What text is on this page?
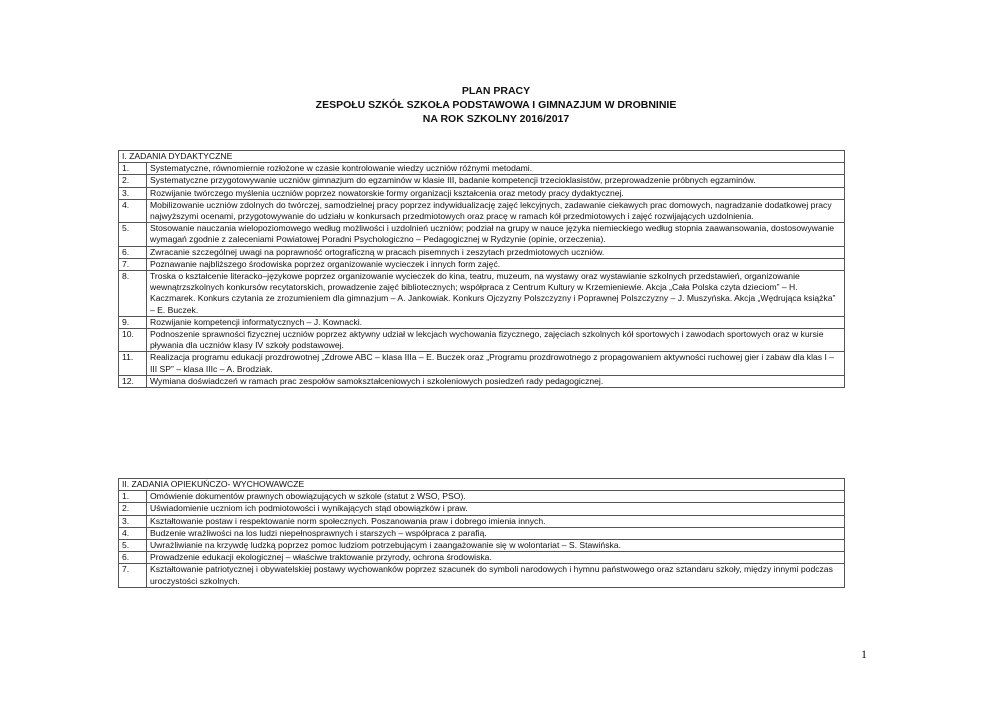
PLAN PRACY
ZESPOŁU SZKÓŁ SZKOŁA PODSTAWOWA I GIMNAZJUM W DROBNINIE
NA ROK SZKOLNY 2016/2017
I. ZADANIA DYDAKTYCZNE	
1.	Systematyczne, równomiernie rozłożone w czasie kontrolowanie wiedzy uczniów różnymi metodami.
2.	Systematyczne przygotowywanie uczniów gimnazjum do egzaminów w klasie III, badanie kompetencji trzecioklasistów, przeprowadzenie próbnych egzaminów.
3.	Rozwijanie twórczego myślenia uczniów poprzez nowatorskie formy organizacji kształcenia oraz metody pracy dydaktycznej.
4.	Mobilizowanie uczniów zdolnych do twórczej, samodzielnej pracy poprzez indywidualizację zajęć lekcyjnych, zadawanie ciekawych prac domowych, nagradzanie dodatkowej pracy najwyższymi ocenami, przygotowywanie do udziału w konkursach przedmiotowych oraz pracę w ramach kół przedmiotowych i zajęć rozwijających uzdolnienia.
5.	Stosowanie nauczania wielopoziomowego według możliwości i uzdolnień uczniów; podział na grupy w nauce języka niemieckiego według stopnia zaawansowania, dostosowywanie wymagań zgodnie z zaleceniami Powiatowej Poradni Psychologiczno – Pedagogicznej w Rydzynie (opinie, orzeczenia).
6.	Zwracanie szczególnej uwagi na poprawność ortograficzną w pracach pisemnych i zeszytach przedmiotowych uczniów.
7.	Poznawanie najbliższego środowiska poprzez organizowanie wycieczek i innych form zajęć.
8.	Troska o kształcenie literacko–językowe poprzez organizowanie wycieczek do kina, teatru, muzeum, na wystawy oraz wystawianie szkolnych przedstawień, organizowanie wewnątrzszkolnych konkursów recytatorskich, prowadzenie zajęć bibliotecznych; współpraca z Centrum Kultury w Krzemieniewie. Akcja „Cała Polska czyta dzieciom” – H. Kaczmarek. Konkurs czytania ze zrozumieniem dla gimnazjum – A. Jankowiak. Konkurs Ojczyzny Polszczyzny i Poprawnej Polszczyzny – J. Muszyńska. Akcja „Wędrująca książka” – E. Buczek.
9.	Rozwijanie kompetencji informatycznych – J. Kownacki.
10.	Podnoszenie sprawności fizycznej uczniów poprzez aktywny udział w lekcjach wychowania fizycznego, zajęciach szkolnych kół sportowych i zawodach sportowych oraz w kursie pływania dla uczniów klasy IV szkoły podstawowej.
11.	Realizacja programu edukacji prozdrowotnej „Zdrowe ABC – klasa IIIa – E. Buczek oraz „Programu prozdrowotnego z propagowaniem aktywności ruchowej gier i zabaw dla klas I – III SP” – klasa IIIc – A. Brodziak.
12.	Wymiana doświadczeń w ramach prac zespołów samokształceniowych i szkoleniowych posiedzeń rady pedagogicznej.
II. ZADANIA OPIEKUŃCZO- WYCHOWAWCZE	
1.	Omówienie dokumentów prawnych obowiązujących w szkole (statut z WSO, PSO).
2.	Uświadomienie uczniom ich podmiotowości i wynikających stąd obowiązków i praw.
3.	Kształtowanie postaw i respektowanie norm społecznych. Poszanowania praw i dobrego imienia innych.
4.	Budzenie wrażliwości na los ludzi niepełnosprawnych i starszych – współpraca z parafią.
5.	Uwrażliwianie na krzywdę ludzką poprzez pomoc ludziom potrzebującym i zaangażowanie się w wolontariat – S. Stawińska.
6.	Prowadzenie edukacji ekologicznej – właściwe traktowanie przyrody, ochrona środowiska.
7.	Kształtowanie patriotycznej i obywatelskiej postawy wychowanków poprzez szacunek do symboli narodowych i hymnu państwowego oraz sztandaru szkoły, między innymi podczas uroczystości szkolnych.
1
